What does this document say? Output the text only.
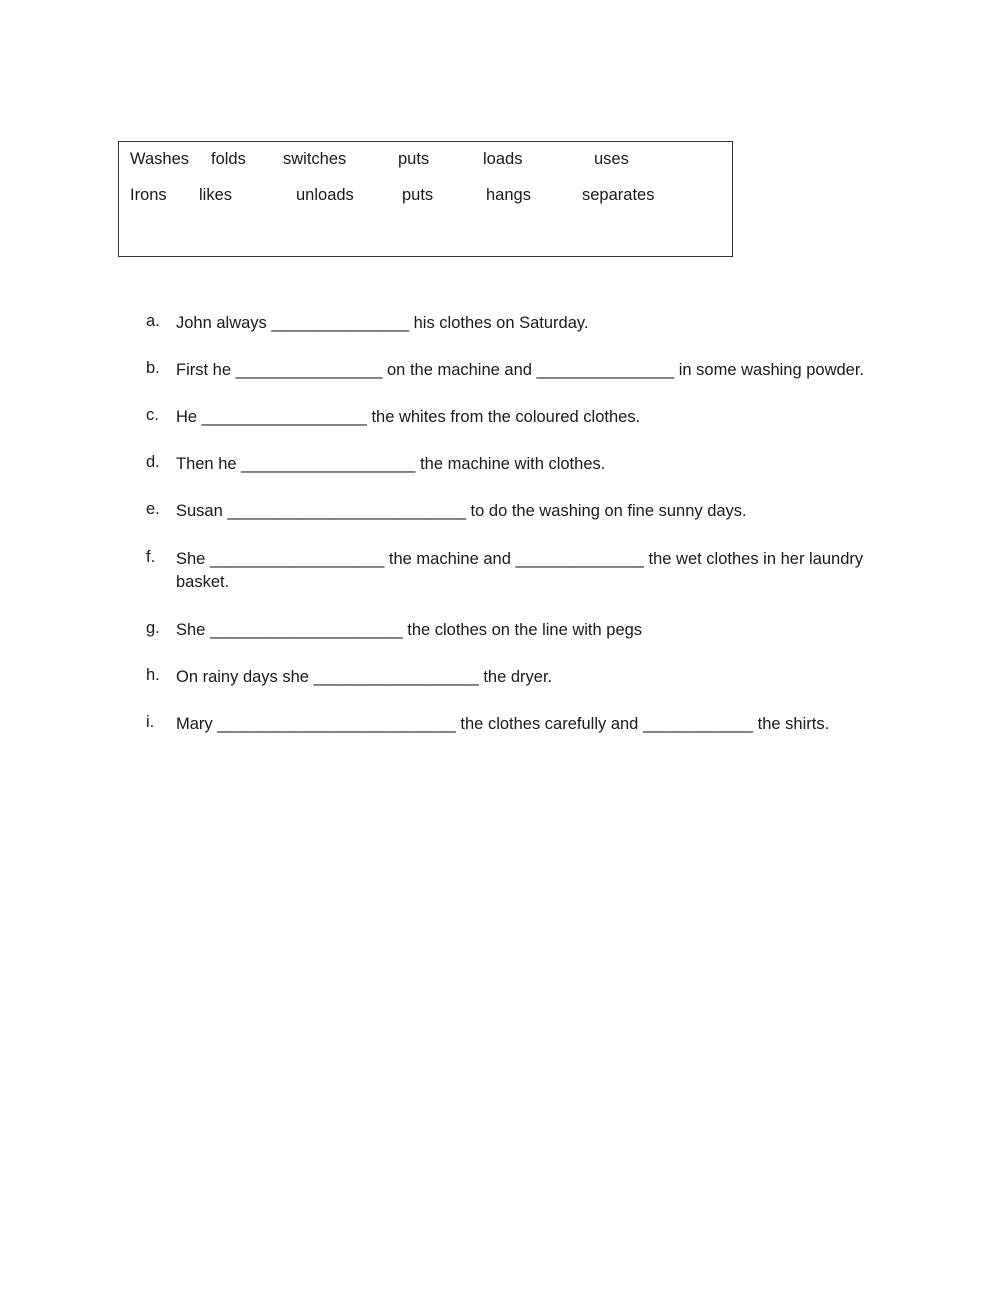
Washes folds switches	puts	loads	uses
Irons likes	unloads	puts	hangs	separates
a. John always _______________ his clothes on Saturday.
b. First he ________________ on the machine and _______________ in some washing powder.
c. He __________________ the whites from the coloured clothes.
d. Then he ___________________ the machine with clothes.
e. Susan __________________________ to do the washing on fine sunny days.
f. She ___________________ the machine and ______________ the wet clothes in her laundry basket.
g. She _____________________ the clothes on the line with pegs
h. On rainy days she __________________ the dryer.
i. Mary __________________________ the clothes carefully and ____________ the shirts.
